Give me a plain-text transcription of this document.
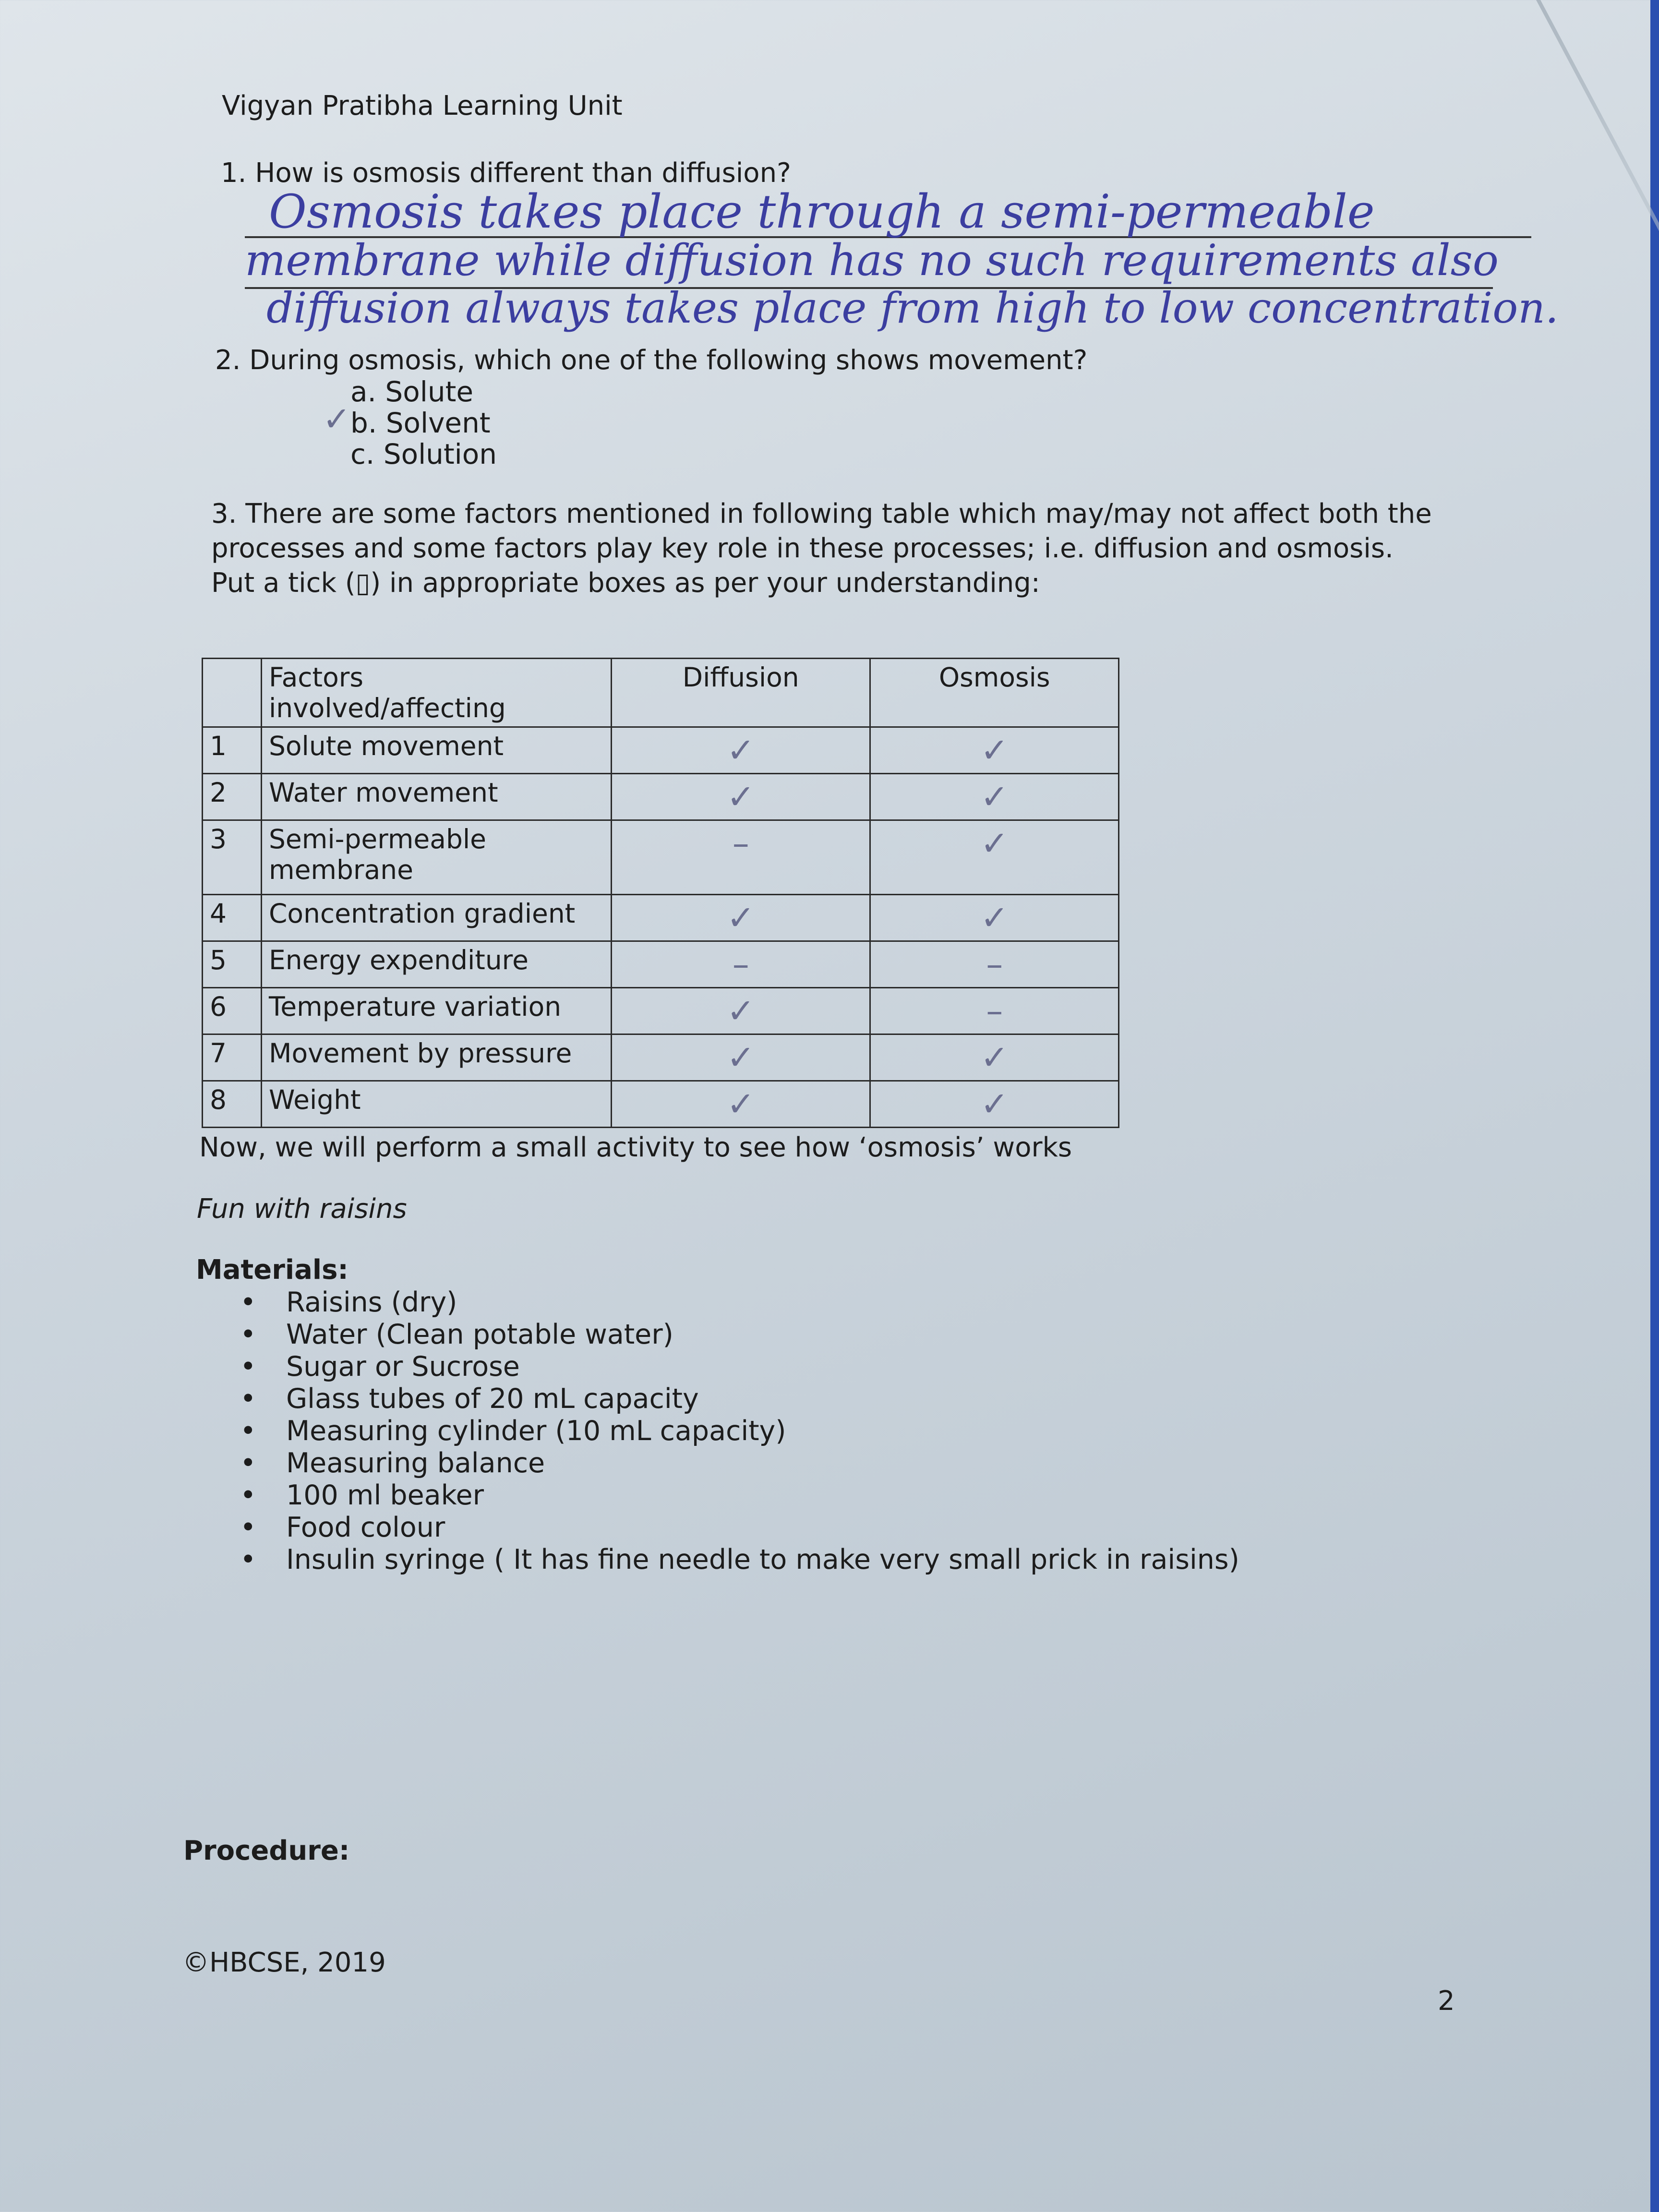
Vigyan Pratibha Learning Unit
1. How is osmosis different than diffusion?
Osmosis takes place through a semi-permeable
membrane while diffusion has no such requirements also
diffusion always takes place from high to low concentration.
2. During osmosis, which one of the following shows movement?
a. Solute
b. Solvent
c. Solution
✓
3. There are some factors mentioned in following table which may/may not affect both the
processes and some factors play key role in these processes; i.e. diffusion and osmosis.
Put a tick (▯) in appropriate boxes as per your understanding:
	Factors involved/affecting	Diffusion	Osmosis
1	Solute movement	✓	✓
2	Water movement	✓	✓
3	Semi-permeable membrane	–	✓
4	Concentration gradient	✓	✓
5	Energy expenditure	–	–
6	Temperature variation	✓	–
7	Movement by pressure	✓	✓
8	Weight	✓	✓
Now, we will perform a small activity to see how ‘osmosis’ works
Fun with raisins
Materials:
• Raisins (dry)
• Water (Clean potable water)
• Sugar or Sucrose
• Glass tubes of 20 mL capacity
• Measuring cylinder (10 mL capacity)
• Measuring balance
• 100 ml beaker
• Food colour
• Insulin syringe ( It has fine needle to make very small prick in raisins)
Procedure:
©HBCSE, 2019
2
